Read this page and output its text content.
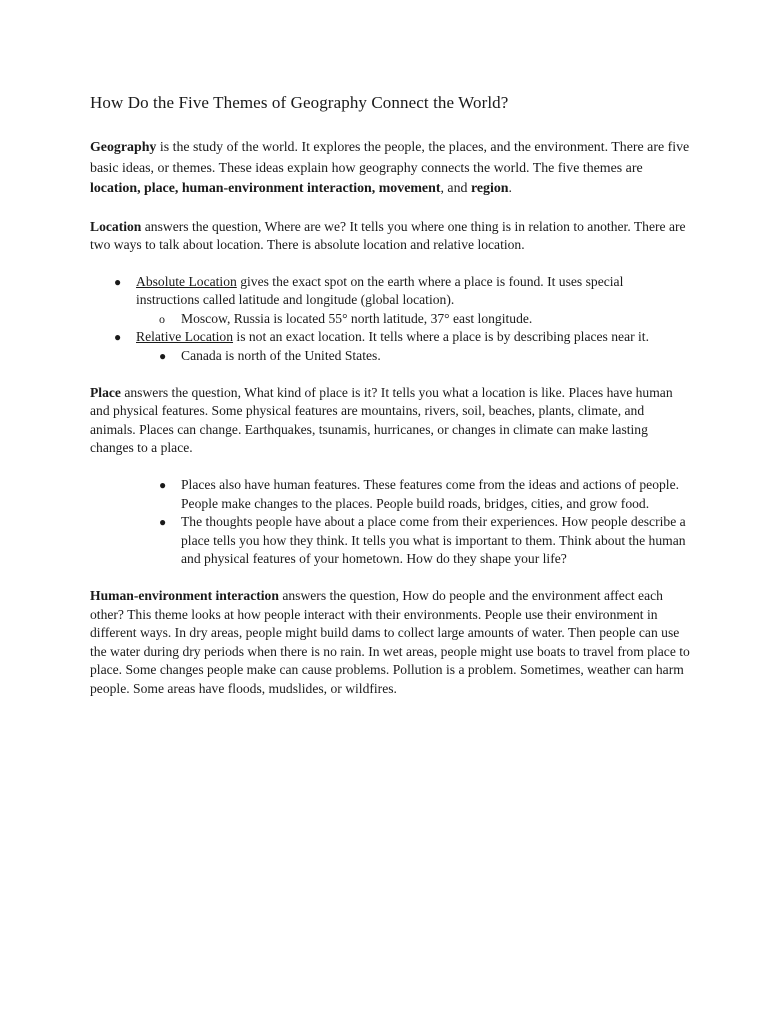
How Do the Five Themes of Geography Connect the World?

Geography is the study of the world. It explores the people, the places, and the environment. There are five basic ideas, or themes. These ideas explain how geography connects the world. The five themes are location, place, human-environment interaction, movement, and region.

Location answers the question, Where are we? It tells you where one thing is in relation to another. There are two ways to talk about location. There is absolute location and relative location.

● Absolute Location gives the exact spot on the earth where a place is found. It uses special instructions called latitude and longitude (global location).
o Moscow, Russia is located 55° north latitude, 37° east longitude.
● Relative Location is not an exact location. It tells where a place is by describing places near it.
● Canada is north of the United States.

Place answers the question, What kind of place is it? It tells you what a location is like. Places have human and physical features. Some physical features are mountains, rivers, soil, beaches, plants, climate, and animals. Places can change. Earthquakes, tsunamis, hurricanes, or changes in climate can make lasting changes to a place.

● Places also have human features. These features come from the ideas and actions of people. People make changes to the places. People build roads, bridges, cities, and grow food.
● The thoughts people have about a place come from their experiences. How people describe a place tells you how they think. It tells you what is important to them. Think about the human and physical features of your hometown. How do they shape your life?

Human-environment interaction answers the question, How do people and the environment affect each other? This theme looks at how people interact with their environments. People use their environment in different ways. In dry areas, people might build dams to collect large amounts of water. Then people can use the water during dry periods when there is no rain. In wet areas, people might use boats to travel from place to place. Some changes people make can cause problems. Pollution is a problem. Sometimes, weather can harm people. Some areas have floods, mudslides, or wildfires.
